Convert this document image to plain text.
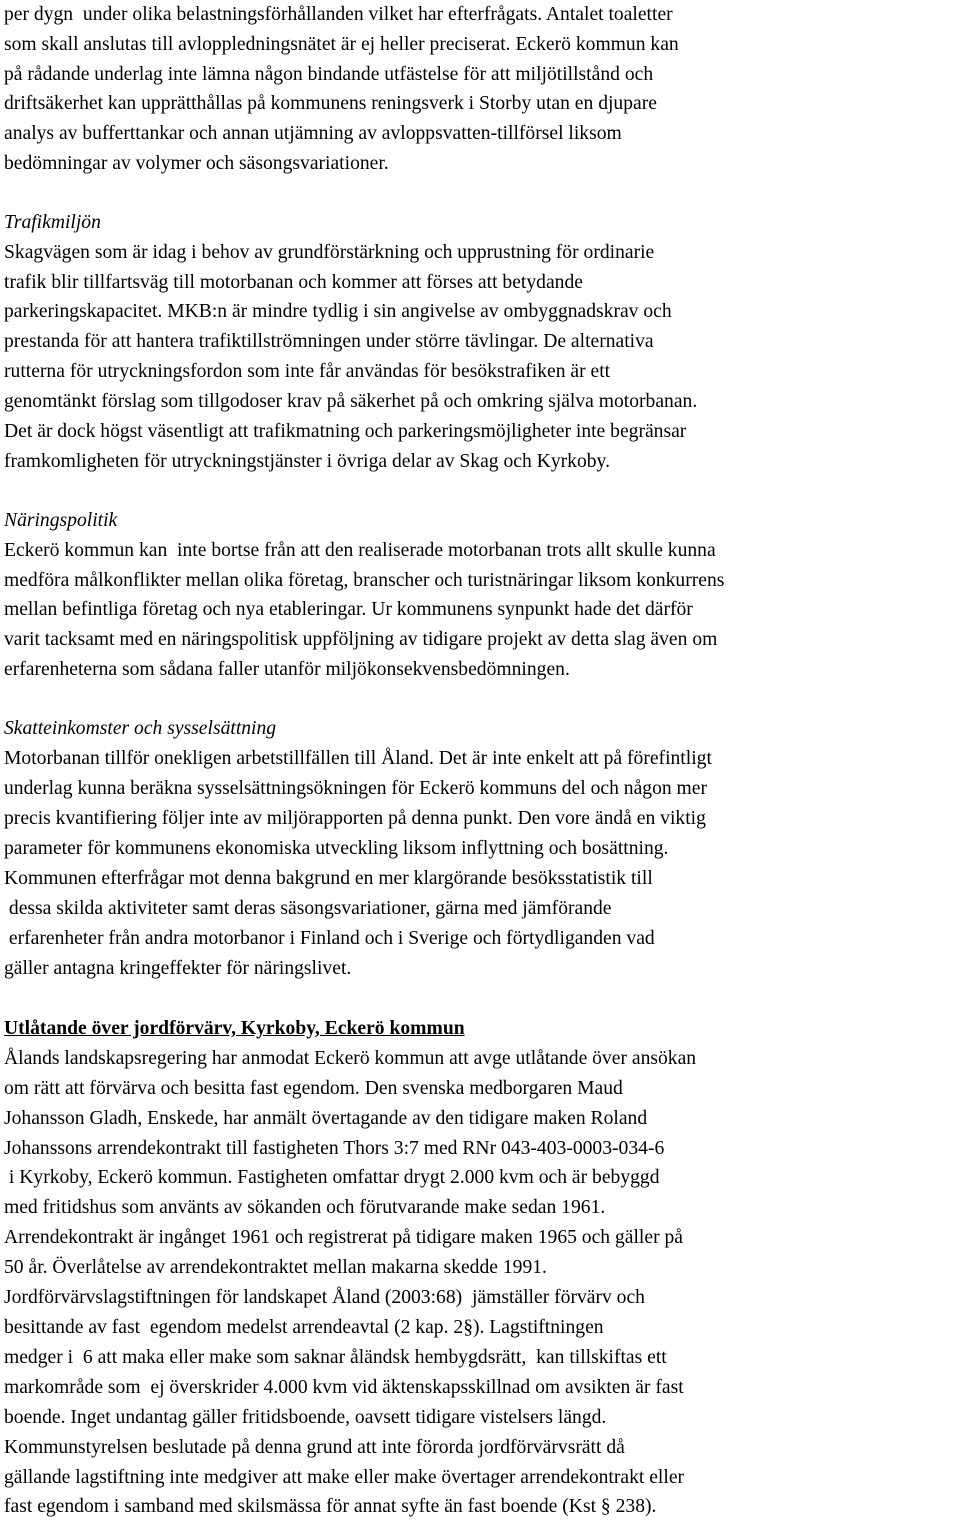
per dygn  under olika belastningsförhållanden vilket har efterfrågats. Antalet toaletter
som skall anslutas till avloppledningsnätet är ej heller preciserat. Eckerö kommun kan
på rådande underlag inte lämna någon bindande utfästelse för att miljötillstånd och
driftsäkerhet kan upprätthållas på kommunens reningsverk i Storby utan en djupare
analys av bufferttankar och annan utjämning av avloppsvatten-tillförsel liksom
bedömningar av volymer och säsongsvariationer.
Trafikmiljön
Skagvägen som är idag i behov av grundförstärkning och upprustning för ordinarie
trafik blir tillfartsväg till motorbanan och kommer att förses att betydande
parkeringskapacitet. MKB:n är mindre tydlig i sin angivelse av ombyggnadskrav och
prestanda för att hantera trafiktillströmningen under större tävlingar. De alternativa
rutterna för utryckningsfordon som inte får användas för besökstrafiken är ett
genomtänkt förslag som tillgodoser krav på säkerhet på och omkring själva motorbanan.
Det är dock högst väsentligt att trafikmatning och parkeringsmöjligheter inte begränsar
framkomligheten för utryckningstjänster i övriga delar av Skag och Kyrkoby.
Näringspolitik
Eckerö kommun kan  inte bortse från att den realiserade motorbanan trots allt skulle kunna
medföra målkonflikter mellan olika företag, branscher och turistnäringar liksom konkurrens
mellan befintliga företag och nya etableringar. Ur kommunens synpunkt hade det därför
varit tacksamt med en näringspolitisk uppföljning av tidigare projekt av detta slag även om
erfarenheterna som sådana faller utanför miljökonsekvensbedömningen.
Skatteinkomster och sysselsättning
Motorbanan tillför onekligen arbetstillfällen till Åland. Det är inte enkelt att på förefintligt
underlag kunna beräkna sysselsättningsökningen för Eckerö kommuns del och någon mer
precis kvantifiering följer inte av miljörapporten på denna punkt. Den vore ändå en viktig
parameter för kommunens ekonomiska utveckling liksom inflyttning och bosättning.
Kommunen efterfrågar mot denna bakgrund en mer klargörande besöksstatistik till
dessa skilda aktiviteter samt deras säsongsvariationer, gärna med jämförande
erfarenheter från andra motorbanor i Finland och i Sverige och förtydliganden vad
gäller antagna kringeffekter för näringslivet.
Utlåtande över jordförvärv, Kyrkoby, Eckerö kommun
Ålands landskapsregering har anmodat Eckerö kommun att avge utlåtande över ansökan
om rätt att förvärva och besitta fast egendom. Den svenska medborgaren Maud
Johansson Gladh, Enskede, har anmält övertagande av den tidigare maken Roland
Johanssons arrendekontrakt till fastigheten Thors 3:7 med RNr 043-403-0003-034-6
i Kyrkoby, Eckerö kommun. Fastigheten omfattar drygt 2.000 kvm och är bebyggd
med fritidshus som använts av sökanden och förutvarande make sedan 1961.
Arrendekontrakt är ingånget 1961 och registrerat på tidigare maken 1965 och gäller på
50 år. Överlåtelse av arrendekontraktet mellan makarna skedde 1991.
Jordförvärvslagstiftningen för landskapet Åland (2003:68)  jämställer förvärv och
besittande av fast  egendom medelst arrendeavtal (2 kap. 2§). Lagstiftningen
medger i  6 att maka eller make som saknar åländsk hembygdsrätt,  kan tillskiftas ett
markområde som  ej överskrider 4.000 kvm vid äktenskapsskillnad om avsikten är fast
boende. Inget undantag gäller fritidsboende, oavsett tidigare vistelsers längd.
Kommunstyrelsen beslutade på denna grund att inte förorda jordförvärvsrätt då
gällande lagstiftning inte medgiver att make eller make övertager arrendekontrakt eller
fast egendom i samband med skilsmässa för annat syfte än fast boende (Kst § 238).
